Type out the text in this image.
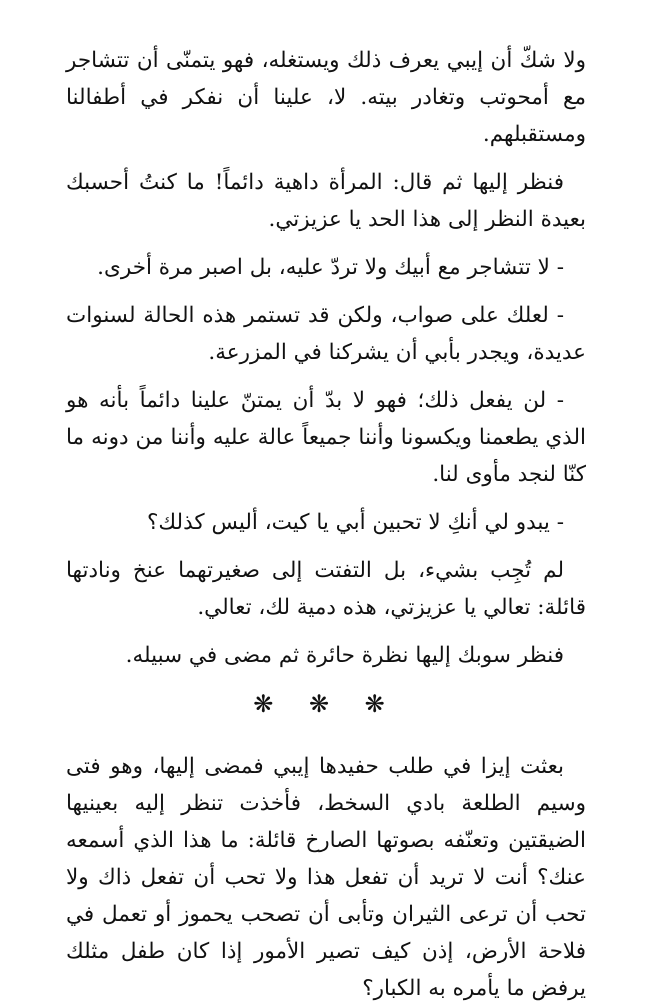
ولا شكّ أن إيبي يعرف ذلك ويستغله، فهو يتمنّى أن تتشاجر مع أمحوتب وتغادر بيته. لا، علينا أن نفكر في أطفالنا ومستقبلهم.

فنظر إليها ثم قال: المرأة داهية دائماً! ما كنتُ أحسبك بعيدة النظر إلى هذا الحد يا عزيزتي.

- لا تتشاجر مع أبيك ولا تردّ عليه، بل اصبر مرة أخرى.

- لعلك على صواب، ولكن قد تستمر هذه الحالة لسنوات عديدة، ويجدر بأبي أن يشركنا في المزرعة.

- لن يفعل ذلك؛ فهو لا بدّ أن يمتنّ علينا دائماً بأنه هو الذي يطعمنا ويكسونا وأننا جميعاً عالة عليه وأننا من دونه ما كنّا لنجد مأوى لنا.

- يبدو لي أنكِ لا تحبين أبي يا كيت، أليس كذلك؟

لم تُجِب بشيء، بل التفتت إلى صغيرتهما عنخ ونادتها قائلة: تعالي يا عزيزتي، هذه دمية لك، تعالي.

فنظر سوبك إليها نظرة حائرة ثم مضى في سبيله.

❋ ❋ ❋

بعثت إيزا في طلب حفيدها إيبي فمضى إليها، وهو فتى وسيم الطلعة بادي السخط، فأخذت تنظر إليه بعينيها الضيقتين وتعنّفه بصوتها الصارخ قائلة: ما هذا الذي أسمعه عنك؟ أنت لا تريد أن تفعل هذا ولا تحب أن تفعل ذاك ولا تحب أن ترعى الثيران وتأبى أن تصحب يحموز أو تعمل في فلاحة الأرض، إذن كيف تصير الأمور إذا كان طفل مثلك يرفض ما يأمره به الكبار؟
